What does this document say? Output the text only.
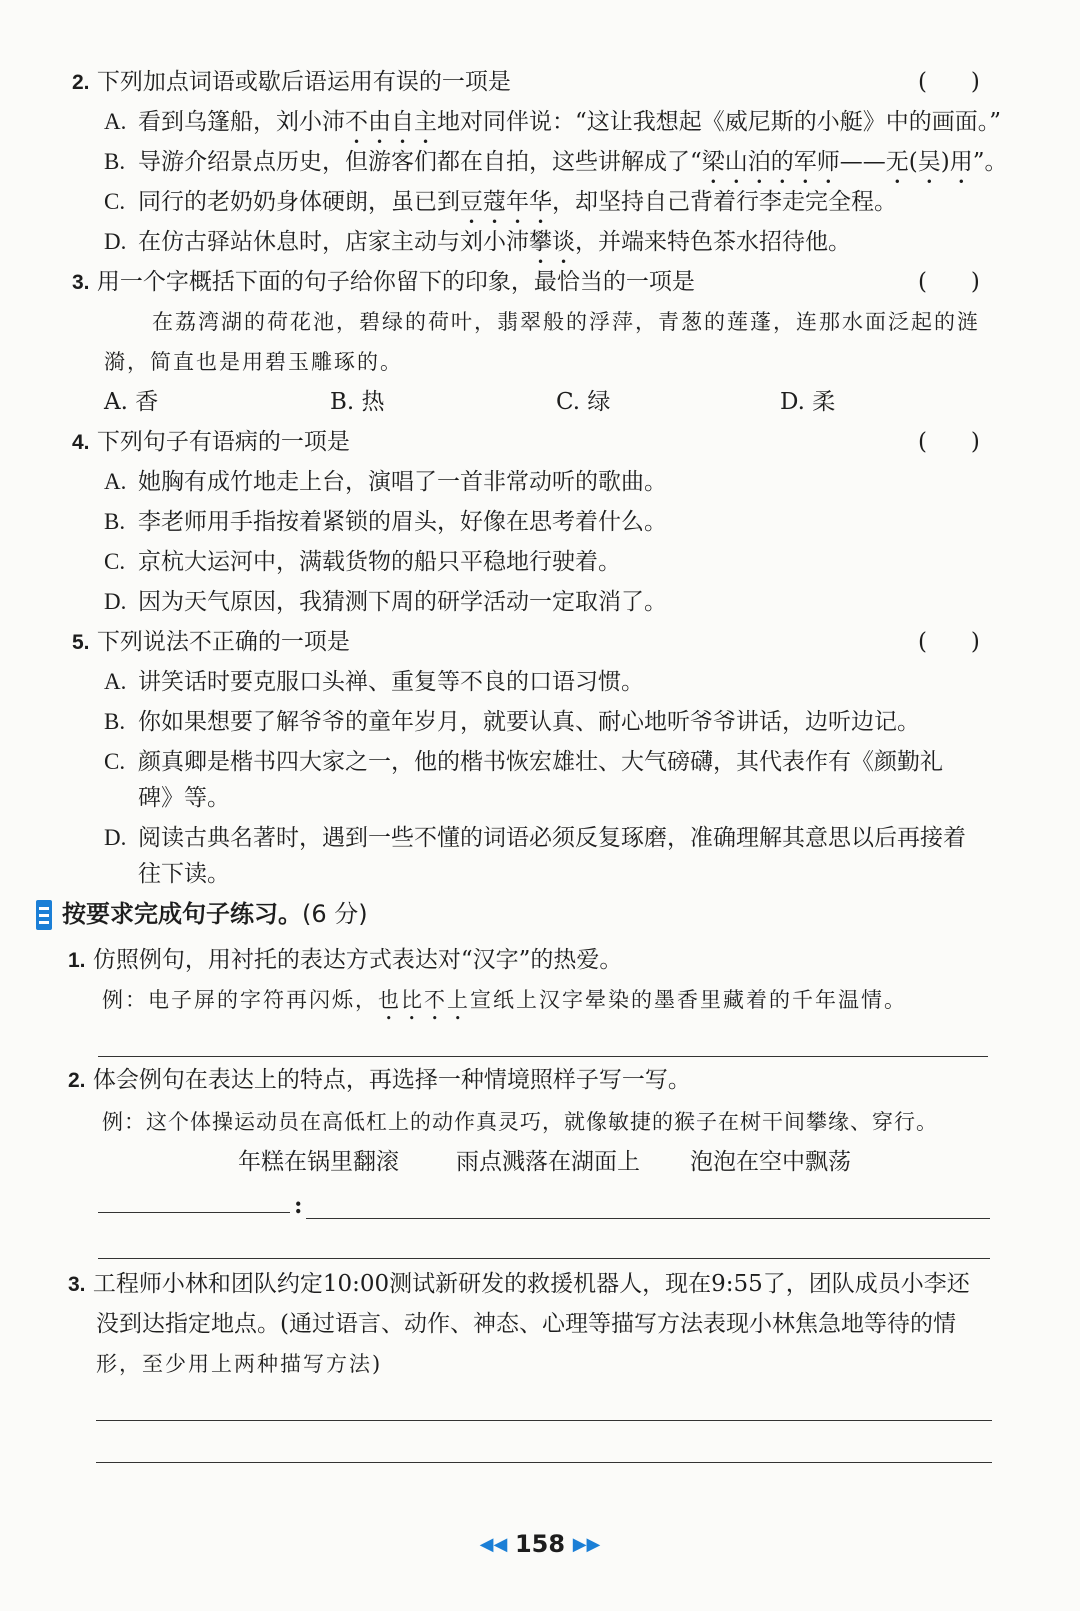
2. 下列加点词语或歇后语运用有误的一项是	(      )
A. 看到乌篷船，刘小沛不由自主地对同伴说：“这让我想起《威尼斯的小艇》中的画面。”
B. 导游介绍景点历史，但游客们都在自拍，这些讲解成了“梁山泊的军师——无(吴)用”。
C. 同行的老奶奶身体硬朗，虽已到豆蔻年华，却坚持自己背着行李走完全程。
D. 在仿古驿站休息时，店家主动与刘小沛攀谈，并端来特色茶水招待他。
3. 用一个字概括下面的句子给你留下的印象，最恰当的一项是	(      )
在荔湾湖的荷花池，碧绿的荷叶，翡翠般的浮萍，青葱的莲蓬，连那水面泛起的涟
漪，简直也是用碧玉雕琢的。
A. 香	B. 热	C. 绿	D. 柔
4. 下列句子有语病的一项是	(      )
A. 她胸有成竹地走上台，演唱了一首非常动听的歌曲。
B. 李老师用手指按着紧锁的眉头，好像在思考着什么。
C. 京杭大运河中，满载货物的船只平稳地行驶着。
D. 因为天气原因，我猜测下周的研学活动一定取消了。
5. 下列说法不正确的一项是	(      )
A. 讲笑话时要克服口头禅、重复等不良的口语习惯。
B. 你如果想要了解爷爷的童年岁月，就要认真、耐心地听爷爷讲话，边听边记。
C. 颜真卿是楷书四大家之一，他的楷书恢宏雄壮、大气磅礴，其代表作有《颜勤礼
碑》等。
D. 阅读古典名著时，遇到一些不懂的词语必须反复琢磨，准确理解其意思以后再接着
往下读。
按要求完成句子练习。(6 分)
1. 仿照例句，用衬托的表达方式表达对“汉字”的热爱。
例：电子屏的字符再闪烁，也比不上宣纸上汉字晕染的墨香里藏着的千年温情。
2. 体会例句在表达上的特点，再选择一种情境照样子写一写。
例：这个体操运动员在高低杠上的动作真灵巧，就像敏捷的猴子在树干间攀缘、穿行。
年糕在锅里翻滚 雨点溅落在湖面上 泡泡在空中飘荡
:
3. 工程师小林和团队约定10:00测试新研发的救援机器人，现在9:55了，团队成员小李还
没到达指定地点。(通过语言、动作、神态、心理等描写方法表现小林焦急地等待的情
形，至少用上两种描写方法)
◀◀ 158 ▶▶
